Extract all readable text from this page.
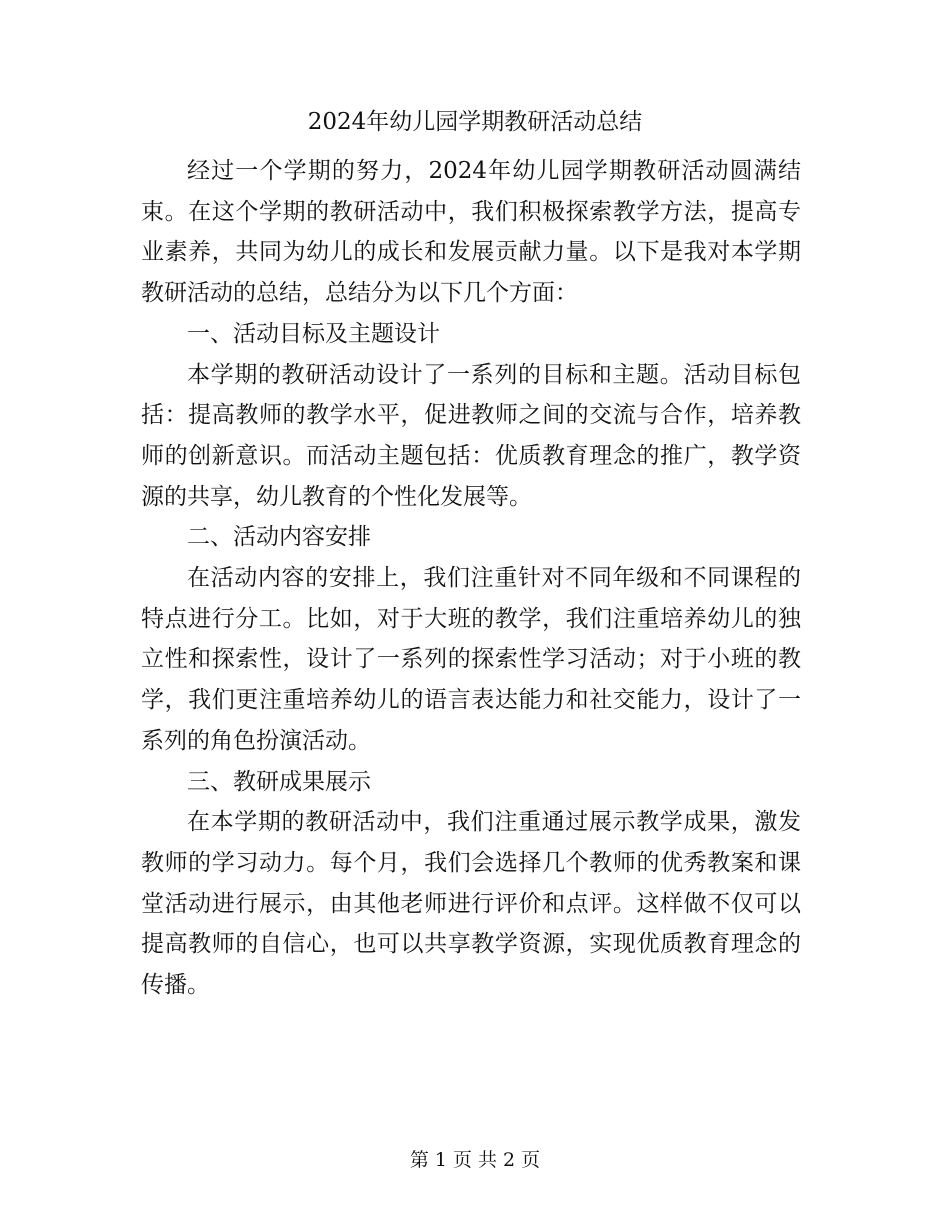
2024年幼儿园学期教研活动总结

经过一个学期的努力，2024年幼儿园学期教研活动圆满结束。在这个学期的教研活动中，我们积极探索教学方法，提高专业素养，共同为幼儿的成长和发展贡献力量。以下是我对本学期教研活动的总结，总结分为以下几个方面：

一、活动目标及主题设计

本学期的教研活动设计了一系列的目标和主题。活动目标包括：提高教师的教学水平，促进教师之间的交流与合作，培养教师的创新意识。而活动主题包括：优质教育理念的推广，教学资源的共享，幼儿教育的个性化发展等。

二、活动内容安排

在活动内容的安排上，我们注重针对不同年级和不同课程的特点进行分工。比如，对于大班的教学，我们注重培养幼儿的独立性和探索性，设计了一系列的探索性学习活动；对于小班的教学，我们更注重培养幼儿的语言表达能力和社交能力，设计了一系列的角色扮演活动。

三、教研成果展示

在本学期的教研活动中，我们注重通过展示教学成果，激发教师的学习动力。每个月，我们会选择几个教师的优秀教案和课堂活动进行展示，由其他老师进行评价和点评。这样做不仅可以提高教师的自信心，也可以共享教学资源，实现优质教育理念的传播。

第 1 页 共 2 页
